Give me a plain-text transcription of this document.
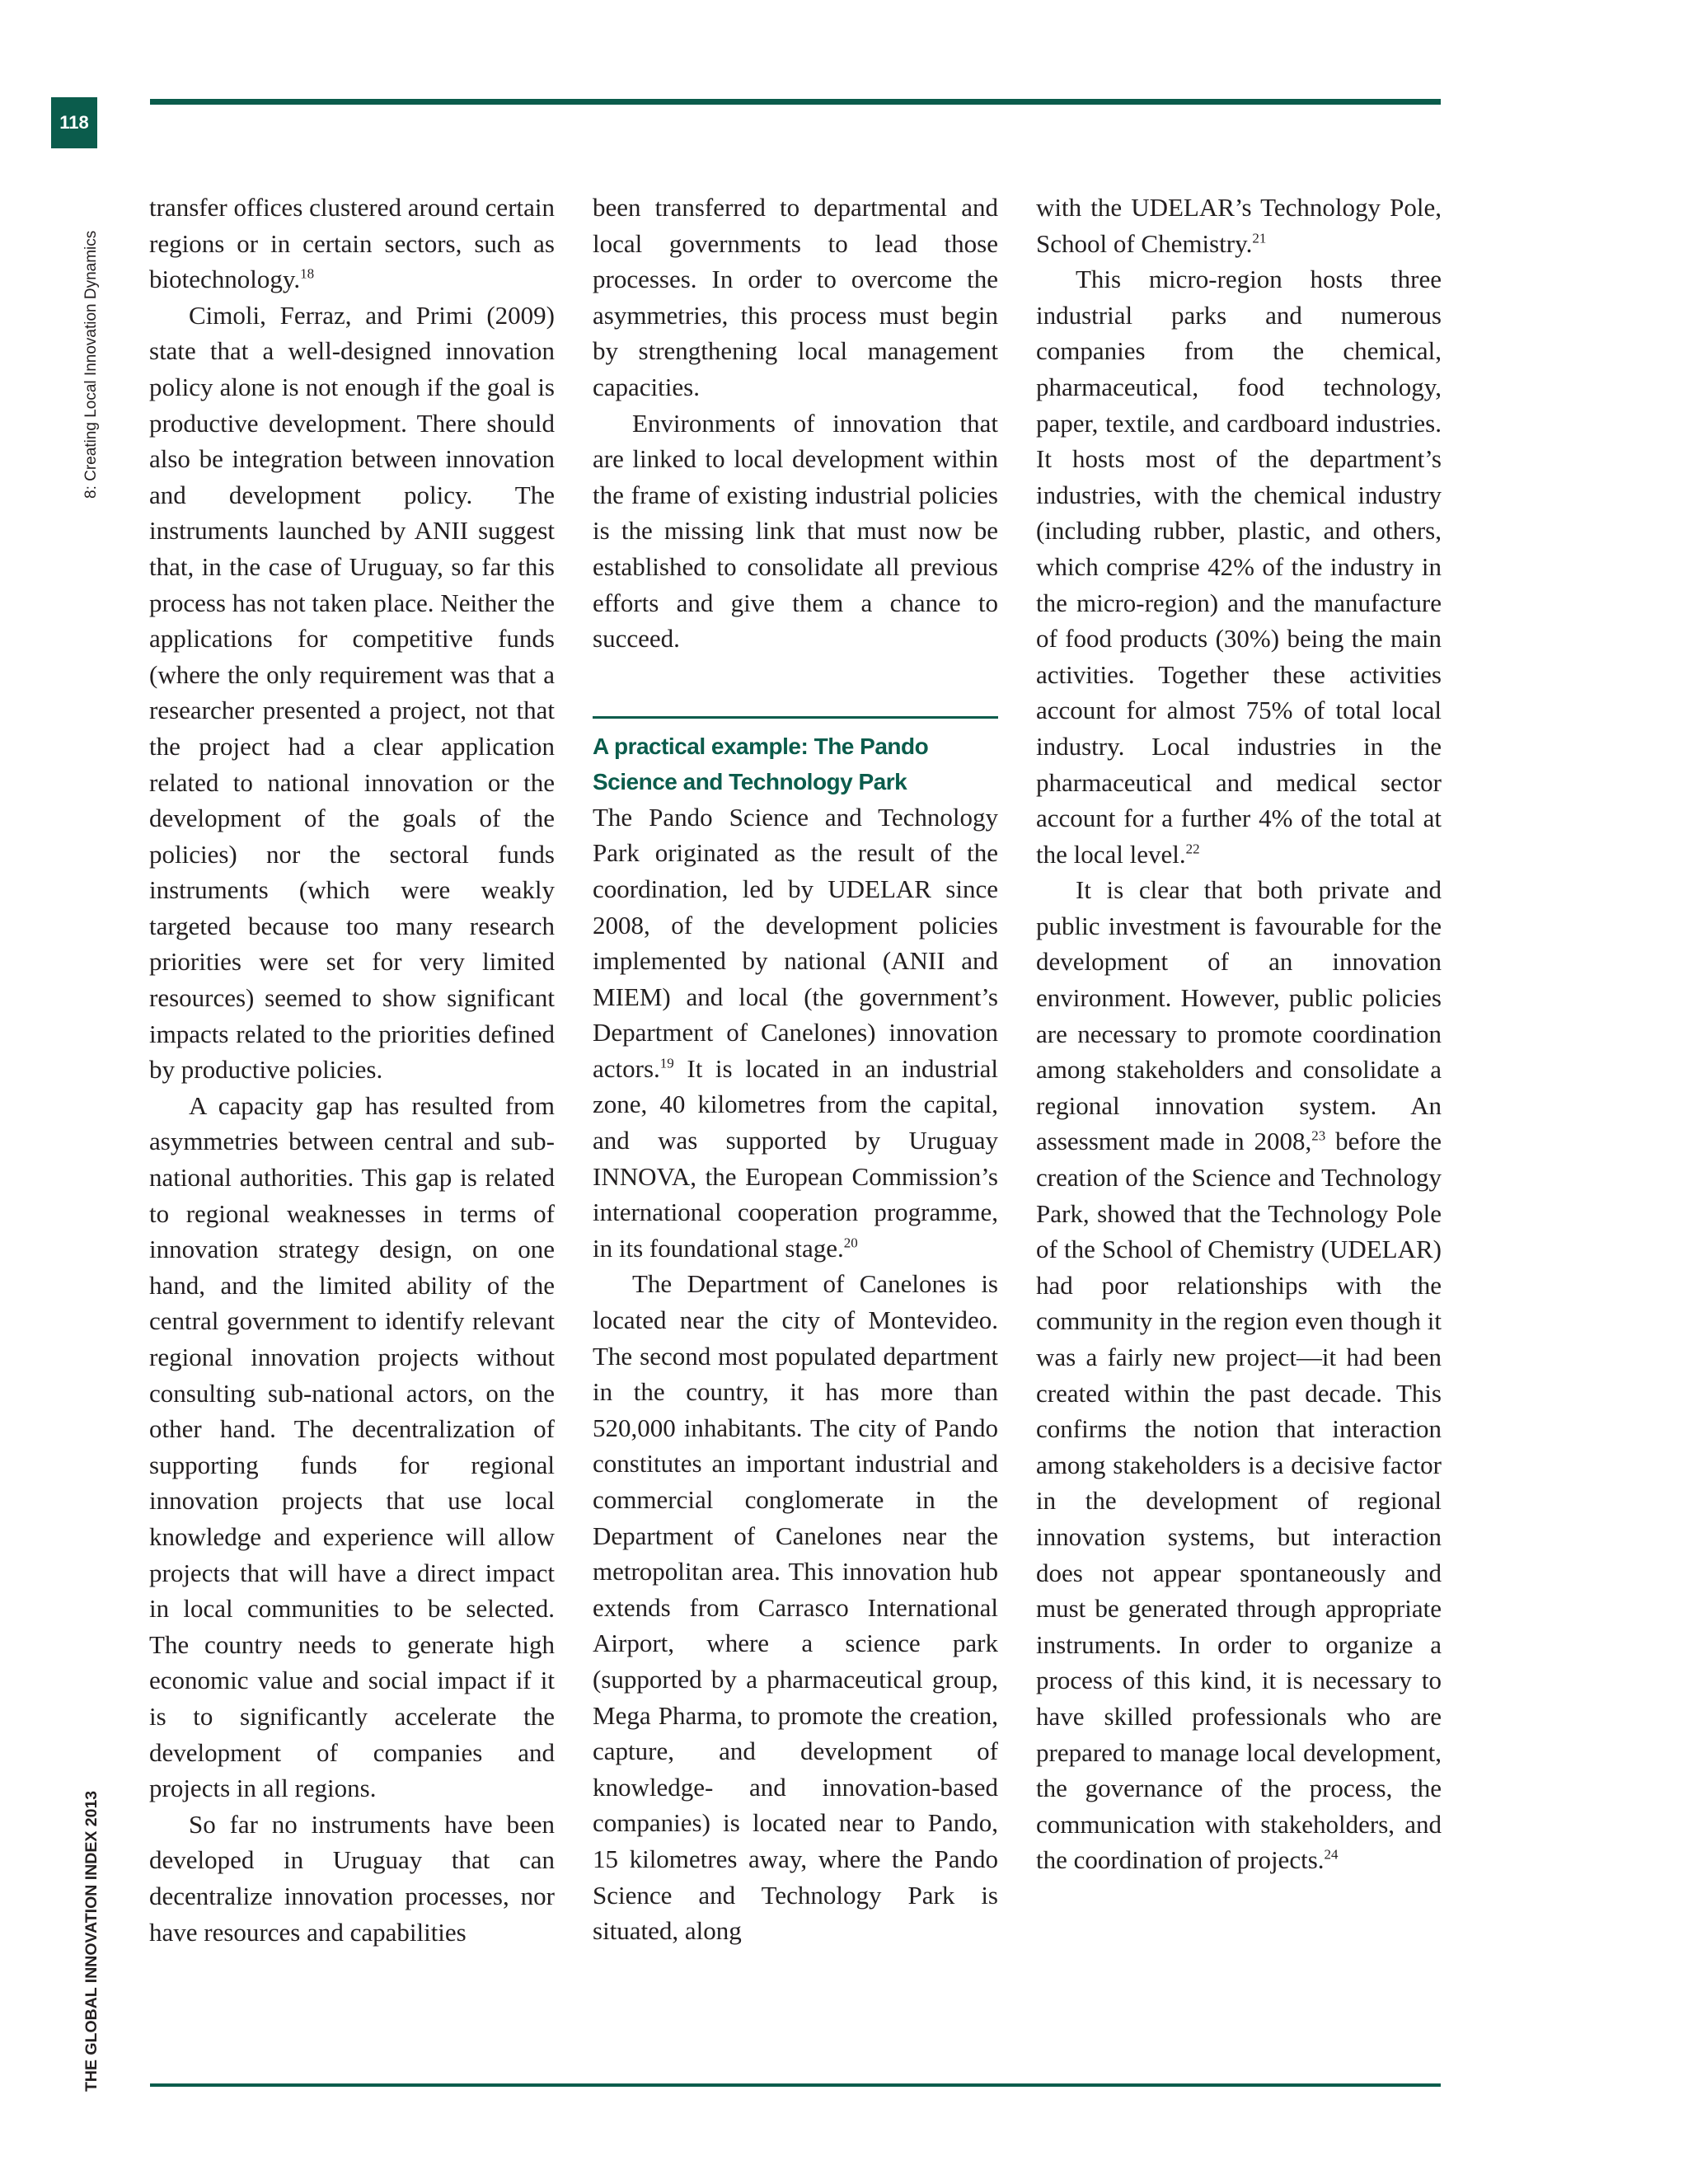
118
8: Creating Local Innovation Dynamics
THE GLOBAL INNOVATION INDEX 2013

transfer offices clustered around certain regions or in certain sectors, such as biotechnology.$^{18}$

Cimoli, Ferraz, and Primi (2009) state that a well-designed innovation policy alone is not enough if the goal is productive development. There should also be integration between innovation and development policy. The instruments launched by ANII suggest that, in the case of Uruguay, so far this process has not taken place. Neither the applications for competitive funds (where the only requirement was that a researcher presented a project, not that the project had a clear application related to national innovation or the development of the goals of the policies) nor the sectoral funds instruments (which were weakly targeted because too many research priorities were set for very limited resources) seemed to show significant impacts related to the priorities defined by productive policies.

A capacity gap has resulted from asymmetries between central and sub-national authorities. This gap is related to regional weaknesses in terms of innovation strategy design, on one hand, and the limited ability of the central government to identify relevant regional innovation projects without consulting sub-national actors, on the other hand. The decentralization of supporting funds for regional innovation projects that use local knowledge and experience will allow projects that will have a direct impact in local communities to be selected. The country needs to generate high economic value and social impact if it is to significantly accelerate the development of companies and projects in all regions.

So far no instruments have been developed in Uruguay that can decentralize innovation processes, nor have resources and capabilities

been transferred to departmental and local governments to lead those processes. In order to overcome the asymmetries, this process must begin by strengthening local management capacities.

Environments of innovation that are linked to local development within the frame of existing industrial policies is the missing link that must now be established to consolidate all previous efforts and give them a chance to succeed.

A practical example: The Pando Science and Technology Park

The Pando Science and Technology Park originated as the result of the coordination, led by UDELAR since 2008, of the development policies implemented by national (ANII and MIEM) and local (the government’s Department of Canelones) innovation actors.$^{19}$ It is located in an industrial zone, 40 kilometres from the capital, and was supported by Uruguay INNOVA, the European Commission’s international cooperation programme, in its foundational stage.$^{20}$

The Department of Canelones is located near the city of Montevideo. The second most populated department in the country, it has more than 520,000 inhabitants. The city of Pando constitutes an important industrial and commercial conglomerate in the Department of Canelones near the metropolitan area. This innovation hub extends from Carrasco International Airport, where a science park (supported by a pharmaceutical group, Mega Pharma, to promote the creation, capture, and development of knowledge- and innovation-based companies) is located near to Pando, 15 kilometres away, where the Pando Science and Technology Park is situated, along

with the UDELAR’s Technology Pole, School of Chemistry.$^{21}$

This micro-region hosts three industrial parks and numerous companies from the chemical, pharmaceutical, food technology, paper, textile, and cardboard industries. It hosts most of the department’s industries, with the chemical industry (including rubber, plastic, and others, which comprise 42% of the industry in the micro-region) and the manufacture of food products (30%) being the main activities. Together these activities account for almost 75% of total local industry. Local industries in the pharmaceutical and medical sector account for a further 4% of the total at the local level.$^{22}$

It is clear that both private and public investment is favourable for the development of an innovation environment. However, public policies are necessary to promote coordination among stakeholders and consolidate a regional innovation system. An assessment made in 2008,23 before the creation of the Science and Technology Park, showed that the Technology Pole of the School of Chemistry (UDELAR) had poor relationships with the community in the region even though it was a fairly new project—it had been created within the past decade. This confirms the notion that interaction among stakeholders is a decisive factor in the development of regional innovation systems, but interaction does not appear spontaneously and must be generated through appropriate instruments. In order to organize a process of this kind, it is necessary to have skilled professionals who are prepared to manage local development, the governance of the process, the communication with stakeholders, and the coordination of projects.$^{24}$
